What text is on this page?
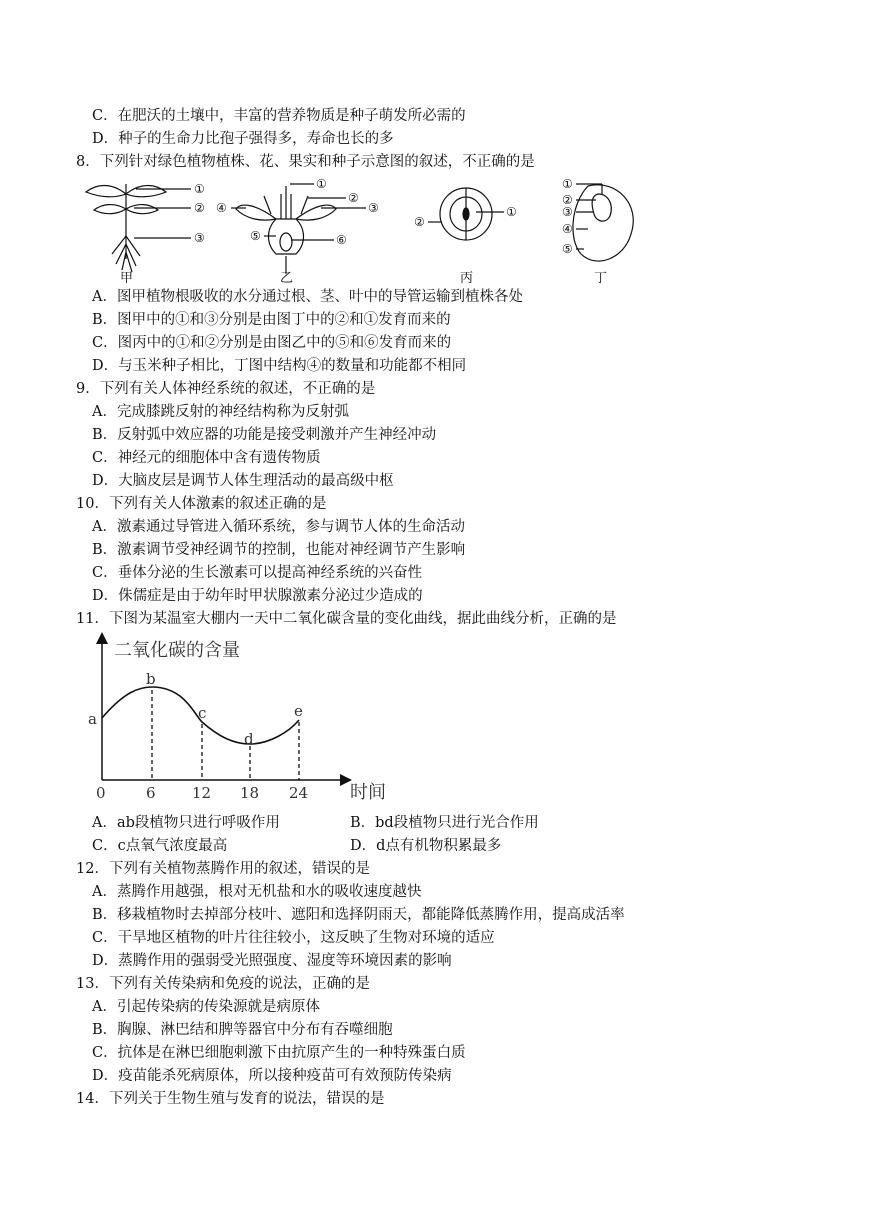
C．在肥沃的土壤中，丰富的营养物质是种子萌发所必需的
D．种子的生命力比孢子强得多，寿命也长的多
8．下列针对绿色植物植株、花、果实和种子示意图的叙述，不正确的是
A．图甲植物根吸收的水分通过根、茎、叶中的导管运输到植株各处
B．图甲中的①和③分别是由图丁中的②和①发育而来的
C．图丙中的①和②分别是由图乙中的⑤和⑥发育而来的
D．与玉米种子相比，丁图中结构④的数量和功能都不相同
9．下列有关人体神经系统的叙述，不正确的是
A．完成膝跳反射的神经结构称为反射弧
B．反射弧中效应器的功能是接受刺激并产生神经冲动
C．神经元的细胞体中含有遗传物质
D．大脑皮层是调节人体生理活动的最高级中枢
10．下列有关人体激素的叙述正确的是
A．激素通过导管进入循环系统，参与调节人体的生命活动
B．激素调节受神经调节的控制，也能对神经调节产生影响
C．垂体分泌的生长激素可以提高神经系统的兴奋性
D．侏儒症是由于幼年时甲状腺激素分泌过少造成的
11．下图为某温室大棚内一天中二氧化碳含量的变化曲线，据此曲线分析，正确的是
A．ab段植物只进行呼吸作用	B．bd段植物只进行光合作用
C．c点氧气浓度最高	D．d点有机物积累最多
12．下列有关植物蒸腾作用的叙述，错误的是
A．蒸腾作用越强，根对无机盐和水的吸收速度越快
B．移栽植物时去掉部分枝叶、遮阳和选择阴雨天，都能降低蒸腾作用，提高成活率
C．干旱地区植物的叶片往往较小，这反映了生物对环境的适应
D．蒸腾作用的强弱受光照强度、湿度等环境因素的影响
13．下列有关传染病和免疫的说法，正确的是
A．引起传染病的传染源就是病原体
B．胸腺、淋巴结和脾等器官中分布有吞噬细胞
C．抗体是在淋巴细胞刺激下由抗原产生的一种特殊蛋白质
D．疫苗能杀死病原体，所以接种疫苗可有效预防传染病
14．下列关于生物生殖与发育的说法，错误的是
①
②
③
①
②
③
④
⑤	⑥
①
②
①
②
③
④
⑤
甲	乙	丙	丁
二氧化碳的含量
时间
a
b
c
d
e
0	6 12 18 24
